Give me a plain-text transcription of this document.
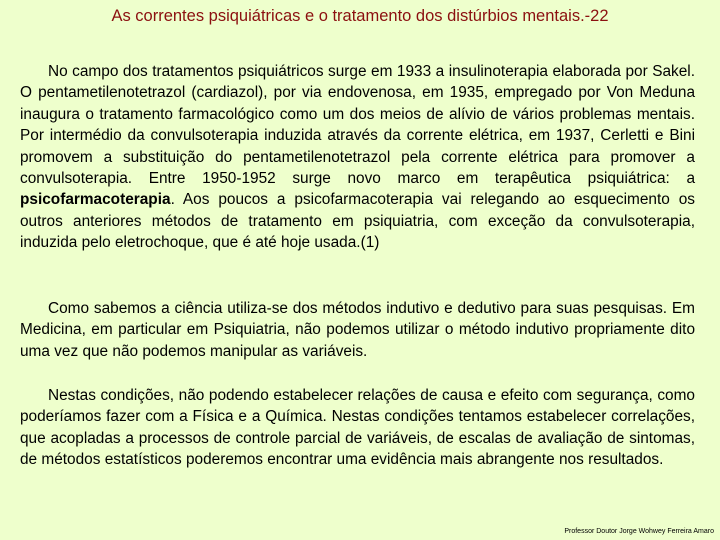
As correntes psiquiátricas e o tratamento dos distúrbios mentais.-22

No campo dos tratamentos psiquiátricos surge em 1933 a insulinoterapia elaborada por Sakel. O pentametilenotetrazol (cardiazol), por via endovenosa, em 1935, empregado por Von Meduna inaugura o tratamento farmacológico como um dos meios de alívio de vários problemas mentais. Por intermédio da convulsoterapia induzida através da corrente elétrica, em 1937, Cerletti e Bini promovem a substituição do pentametilenotetrazol pela corrente elétrica para promover a convulsoterapia. Entre 1950-1952 surge novo marco em terapêutica psiquiátrica: a psicofarmacoterapia. Aos poucos a psicofarmacoterapia vai relegando ao esquecimento os outros anteriores métodos de tratamento em psiquiatria, com exceção da convulsoterapia, induzida pelo eletrochoque, que é até hoje usada.(1)

Como sabemos a ciência utiliza-se dos métodos indutivo e dedutivo para suas pesquisas. Em Medicina, em particular em Psiquiatria, não podemos utilizar o método indutivo propriamente dito uma vez que não podemos manipular as variáveis.

Nestas condições, não podendo estabelecer relações de causa e efeito com segurança, como poderíamos fazer com a Física e a Química. Nestas condições tentamos estabelecer correlações, que acopladas a processos de controle parcial de variáveis, de escalas de avaliação de sintomas, de métodos estatísticos poderemos encontrar uma evidência mais abrangente nos resultados.

Professor Doutor Jorge Wohwey Ferreira Amaro
